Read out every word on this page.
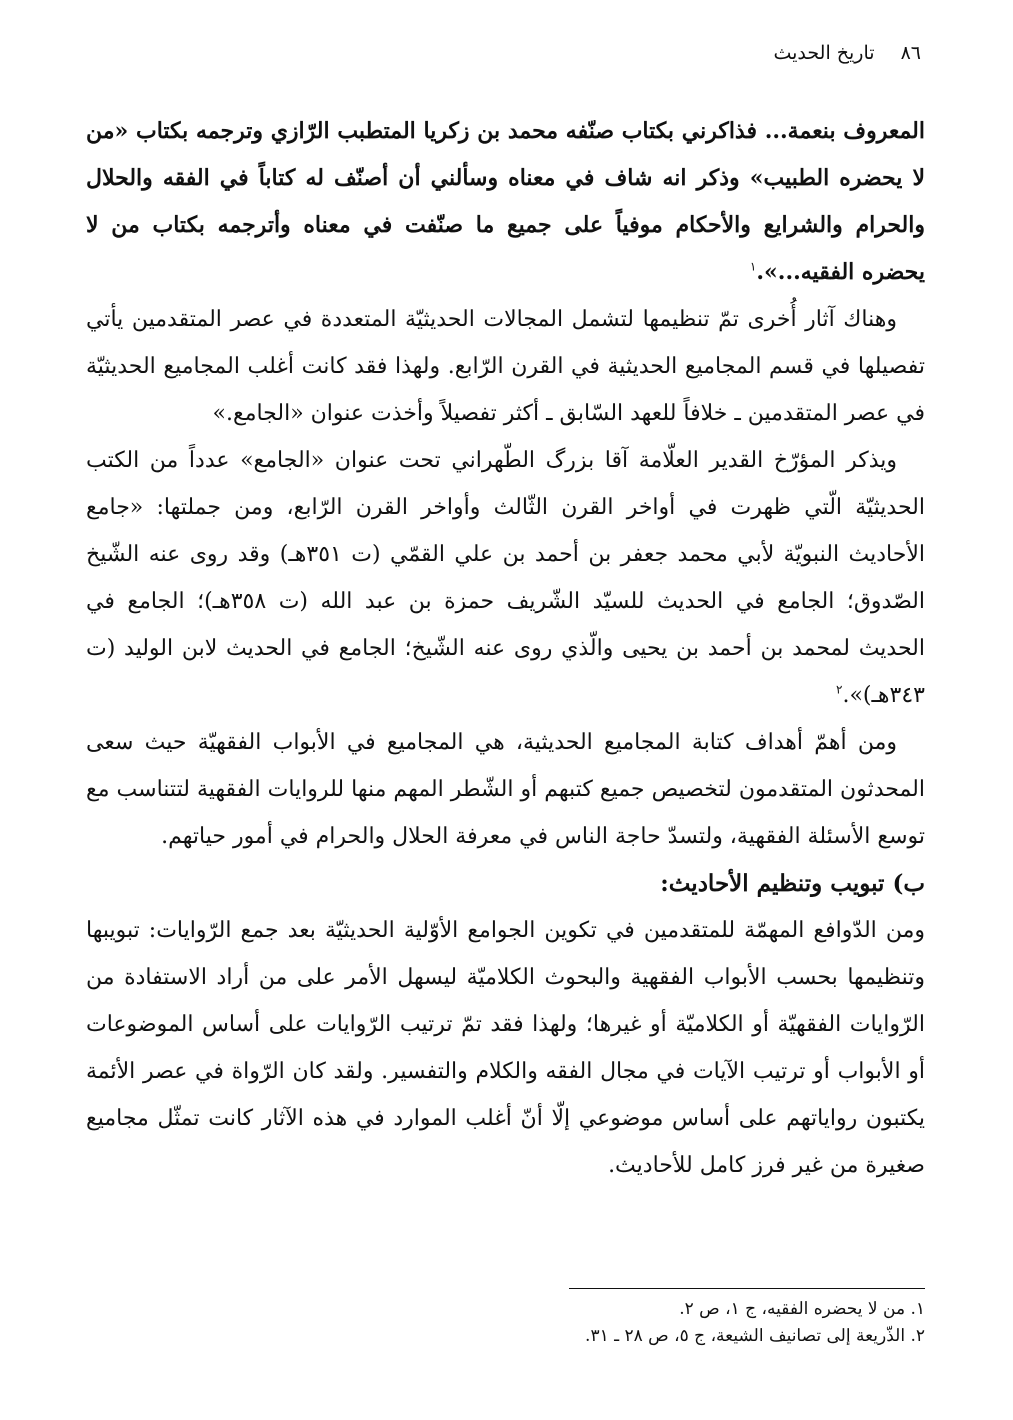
٨٦
تاريخ الحديث

المعروف بنعمة... فذاكرني بكتاب صنّفه محمد بن زكريا المتطبب الرّازي وترجمه بكتاب «من لا يحضره الطبيب» وذكر انه شاف في معناه وسألني أن أصنّف له كتاباً في الفقه والحلال والحرام والشرايع والأحكام موفياً على جميع ما صنّفت في معناه وأترجمه بكتاب من لا يحضره الفقيه...».$^١$

وهناك آثار أُخرى تمّ تنظيمها لتشمل المجالات الحديثيّة المتعددة في عصر المتقدمين يأتي تفصيلها في قسم المجاميع الحديثية في القرن الرّابع. ولهذا فقد كانت أغلب المجاميع الحديثيّة في عصر المتقدمين ـ خلافاً للعهد السّابق ـ أكثر تفصيلاً وأخذت عنوان «الجامع.»

ويذكر المؤرّخ القدير العلّامة آقا بزرگ الطّهراني تحت عنوان «الجامع» عدداً من الكتب الحديثيّة الّتي ظهرت في أواخر القرن الثّالث وأواخر القرن الرّابع، ومن جملتها: «جامع الأحاديث النبويّة لأبي محمد جعفر بن أحمد بن علي القمّي (ت ٣٥١هـ) وقد روى عنه الشّيخ الصّدوق؛ الجامع في الحديث للسيّد الشّريف حمزة بن عبد الله (ت ٣٥٨هـ)؛ الجامع في الحديث لمحمد بن أحمد بن يحيى والّذي روى عنه الشّيخ؛ الجامع في الحديث لابن الوليد (ت ٣٤٣هـ)».$^٢$

ومن أهمّ أهداف كتابة المجاميع الحديثية، هي المجاميع في الأبواب الفقهيّة حيث سعى المحدثون المتقدمون لتخصيص جميع كتبهم أو الشّطر المهم منها للروايات الفقهية لتتناسب مع توسع الأسئلة الفقهية، ولتسدّ حاجة الناس في معرفة الحلال والحرام في أمور حياتهم.

ب) تبويب وتنظيم الأحاديث:

ومن الدّوافع المهمّة للمتقدمين في تكوين الجوامع الأوّلية الحديثيّة بعد جمع الرّوايات: تبويبها وتنظيمها بحسب الأبواب الفقهية والبحوث الكلاميّة ليسهل الأمر على من أراد الاستفادة من الرّوايات الفقهيّة أو الكلاميّة أو غيرها؛ ولهذا فقد تمّ ترتيب الرّوايات على أساس الموضوعات أو الأبواب أو ترتيب الآيات في مجال الفقه والكلام والتفسير. ولقد كان الرّواة في عصر الأئمة يكتبون رواياتهم على أساس موضوعي إلّا أنّ أغلب الموارد في هذه الآثار كانت تمثّل مجاميع صغيرة من غير فرز كامل للأحاديث.

١. من لا يحضره الفقيه، ج ١، ص ٢.
٢. الذّريعة إلى تصانيف الشيعة، ج ٥، ص ٢٨ ـ ٣١.
